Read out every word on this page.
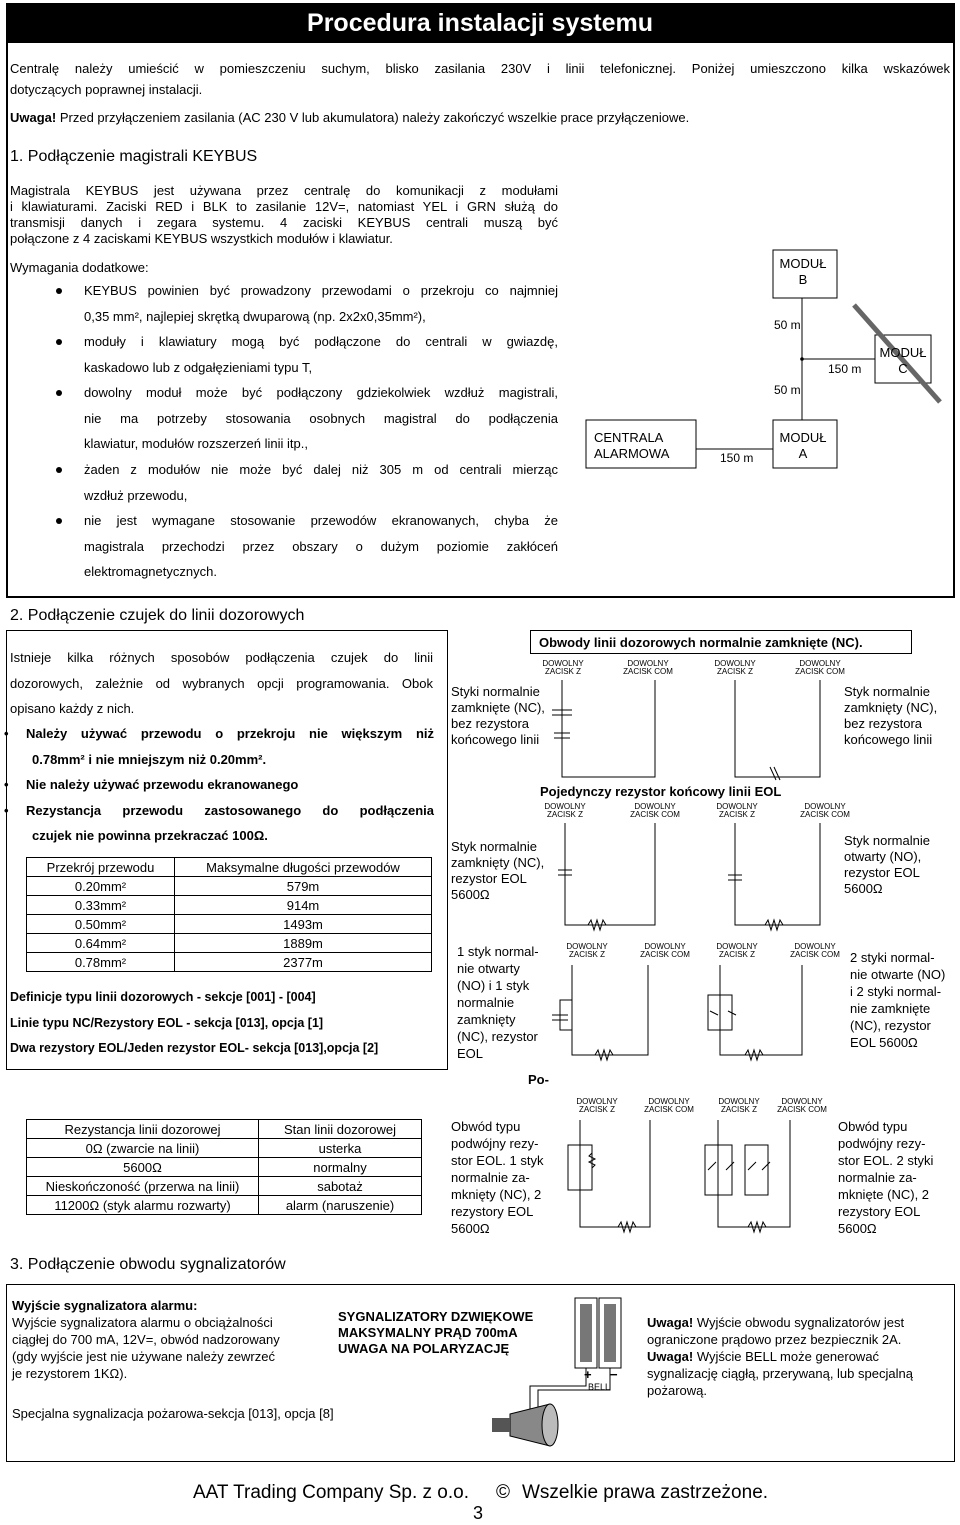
Procedura instalacji systemu
Centralę należy umieścić w pomieszczeniu suchym, blisko zasilania 230V i linii telefonicznej. Poniżej umieszczono kilka wskazówek
dotyczących poprawnej instalacji.
Uwaga! Przed przyłączeniem zasilania (AC 230 V lub akumulatora) należy zakończyć wszelkie prace przyłączeniowe.
1. Podłączenie magistrali KEYBUS
Magistrala KEYBUS jest używana przez centralę do komunikacji z modułami
i klawiaturami. Zaciski RED i BLK to zasilanie 12V=, natomiast YEL i GRN służą do
transmisji danych i zegara systemu. 4 zaciski KEYBUS centrali muszą być
połączone z 4 zaciskami KEYBUS wszystkich modułów i klawiatur.
Wymagania dodatkowe:
KEYBUS powinien być prowadzony przewodami o przekroju co najmniej
0,35 mm², najlepiej skrętką dwuparową (np. 2x2x0,35mm²),
moduły i klawiatury mogą być podłączone do centrali w gwiazdę,
kaskadowo lub z odgałęzieniami typu T,
dowolny moduł może być podłączony gdziekolwiek wzdłuż magistrali,
nie ma potrzeby stosowania osobnych magistral do podłączenia
klawiatur, modułów rozszerzeń linii itp.,
żaden z modułów nie może być dalej niż 305 m od centrali mierząc
wzdłuż przewodu,
nie jest wymagane stosowanie przewodów ekranowanych, chyba że
magistrala przechodzi przez obszary o dużym poziomie zakłóceń
elektromagnetycznych.
CENTRALA
ALARMOWA
MODUŁ
A
MODUŁ
B
MODUŁ
C
150 m
50 m
50 m
150 m
2. Podłączenie czujek do linii dozorowych
Istnieje kilka różnych sposobów podłączenia czujek do linii
dozorowych, zależnie od wybranych opcji programowania. Obok
opisano każdy z nich.
• Należy używać przewodu o przekroju nie większym niż
0.78mm² i nie mniejszym niż 0.20mm².
• Nie należy używać przewodu ekranowanego
• Rezystancja przewodu zastosowanego do podłączenia
czujek nie powinna przekraczać 100Ω.
Przekrój przewodu	Maksymalne długości przewodów
0.20mm²	579m
0.33mm²	914m
0.50mm²	1493m
0.64mm²	1889m
0.78mm²	2377m
Definicje typu linii dozorowych - sekcje [001] - [004]
Linie typu NC/Rezystory EOL - sekcja [013], opcja [1]
Dwa rezystory EOL/Jeden rezystor EOL- sekcja [013],opcja [2]
Po-
Rezystancja linii dozorowej	Stan linii dozorowej
0Ω (zwarcie na linii)	usterka
5600Ω	normalny
Nieskończoność (przerwa na linii)	sabotaż
11200Ω (styk alarmu rozwarty)	alarm (naruszenie)
Obwody linii dozorowych normalnie zamknięte (NC).
Pojedynczy rezystor końcowy linii EOL
DOWOLNY
ZACISK Z
DOWOLNY
ZACISK COM
DOWOLNY
ZACISK Z
DOWOLNY
ZACISK COM
DOWOLNY
ZACISK Z
DOWOLNY
ZACISK COM
DOWOLNY
ZACISK Z
DOWOLNY
ZACISK COM
DOWOLNY
ZACISK Z
DOWOLNY
ZACISK COM
DOWOLNY
ZACISK Z
DOWOLNY
ZACISK COM
DOWOLNY
ZACISK Z
DOWOLNY
ZACISK COM
DOWOLNY
ZACISK Z
DOWOLNY
ZACISK COM
Styki normalnie
zamknięte (NC),
bez rezystora
końcowego linii
Styk normalnie
zamknięty (NC),
bez rezystora
końcowego linii
Styk normalnie
zamknięty (NC),
rezystor EOL
5600Ω
Styk normalnie
otwarty (NO),
rezystor EOL
5600Ω
1 styk normal-
nie otwarty
(NO) i 1 styk
normalnie
zamknięty
(NC), rezystor
EOL
2 styki normal-
nie otwarte (NO)
i 2 styki normal-
nie zamknięte
(NC), rezystor
EOL 5600Ω
Obwód typu
podwójny rezy-
stor EOL. 1 styk
normalnie za-
mknięty (NC), 2
rezystory EOL
5600Ω
Obwód typu
podwójny rezy-
stor EOL. 2 styki
normalnie za-
mknięte (NC), 2
rezystory EOL
5600Ω
3. Podłączenie obwodu sygnalizatorów
Wyjście sygnalizatora alarmu:
Wyjście sygnalizatora alarmu o obciążalności
ciągłej do 700 mA, 12V=, obwód nadzorowany
(gdy wyjście jest nie używane należy zewrzeć
je rezystorem 1KΩ).
Specjalna sygnalizacja pożarowa-sekcja [013], opcja [8]
SYGNALIZATORY DZWIĘKOWE
MAKSYMALNY PRĄD 700mA
UWAGA NA POLARYZACJĘ
+ −
BELL
Uwaga! Wyjście obwodu sygnalizatorów jest ograniczone prądowo przez bezpiecznik 2A.
Uwaga! Wyjście BELL może generować sygnalizację ciągłą, przerywaną, lub specjalną pożarową.
AAT Trading Company Sp. z o.o. © Wszelkie prawa zastrzeżone.
3
